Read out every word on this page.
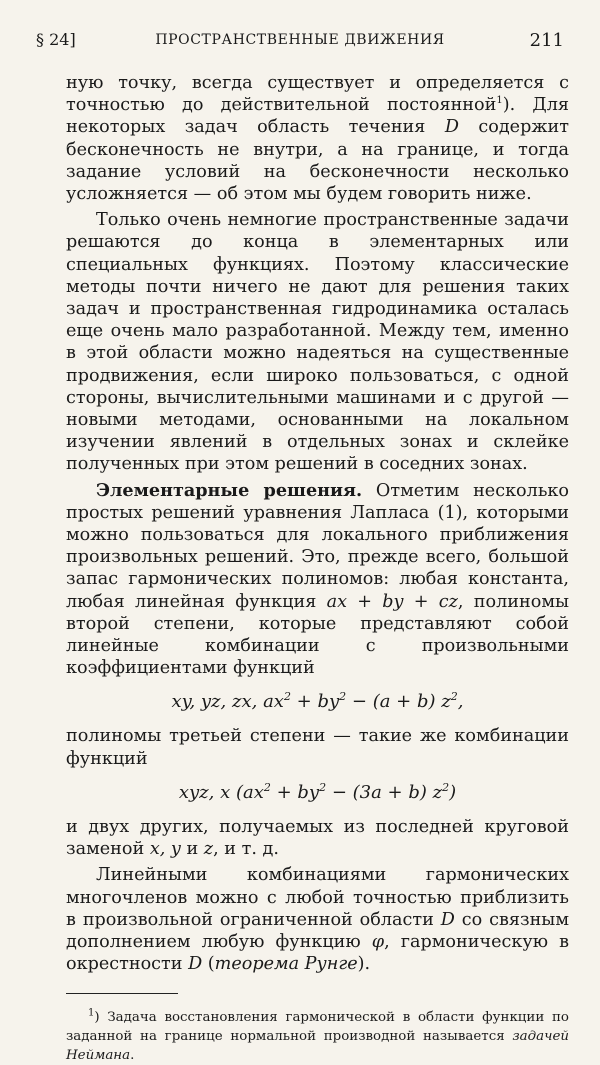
§ 24]	ПРОСТРАНСТВЕННЫЕ ДВИЖЕНИЯ	211

ную точку, всегда существует и определяется с точностью до действительной постоянной$^1$). Для некоторых задач область течения D содержит бесконечность не внутри, а на границе, и тогда задание условий на бесконечности несколько усложняется — об этом мы будем говорить ниже.

Только очень немногие пространственные задачи решаются до конца в элементарных или специальных функциях. Поэтому классические методы почти ничего не дают для решения таких задач и пространственная гидродинамика осталась еще очень мало разработанной. Между тем, именно в этой области можно надеяться на существенные продвижения, если широко пользоваться, с одной стороны, вычислительными машинами и с другой — новыми методами, основанными на локальном изучении явлений в отдельных зонах и склейке полученных при этом решений в соседних зонах.

Элементарные решения. Отметим несколько простых решений уравнения Лапласа (1), которыми можно пользоваться для локального приближения произвольных решений. Это, прежде всего, большой запас гармонических полиномов: любая константа, любая линейная функция ax + by + cz, полиномы второй степени, которые представляют собой линейные комбинации с произвольными коэффициентами функций

xy, yz, zx, $ax^2 + by^2 - (a + b)$ $z^2$,

полиномы третьей степени — такие же комбинации функций

xyz, x ($ax^2 + by^2 - (3a + b)$ $z^2$)

и двух других, получаемых из последней круговой заменой x, y и z, и т. д.

Линейными комбинациями гармонических многочленов можно с любой точностью приблизить в произвольной ограниченной области D со связным дополнением любую функцию φ, гармоническую в окрестности D (теорема Рунге).

$^1$) Задача восстановления гармонической в области функции по заданной на границе нормальной производной называется задачей Неймана.
